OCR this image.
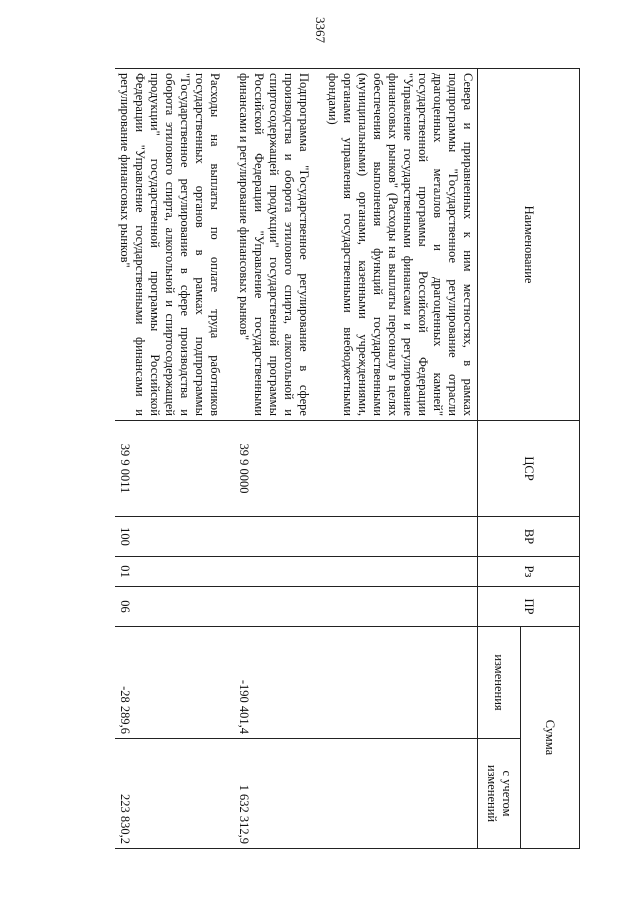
3367
Наименование	ЦСР	ВР	Рз	ПР	Сумма	
					изменения	с учетом изменений
Севера и приравненных к ним местностях, в рамках подпрограммы "Государственное регулирование отрасли драгоценных металлов и драгоценных камней" государственной программы Российской Федерации "Управление государственными финансами и регулирование финансовых рынков" (Расходы на выплаты персоналу в целях обеспечения выполнения функций государственными (муниципальными) органами, казенными учреждениями, органами управления государственными внебюджетными фондами)						

Подпрограмма "Государственное регулирование в сфере производства и оборота этилового спирта, алкогольной и спиртосодержащей продукции" государственной программы Российской Федерации "Управление государственными финансами и регулирование финансовых рынков"	39 9 0000				-190 401,4	1 632 312,9

Расходы на выплаты по оплате труда работников государственных органов в рамках подпрограммы "Государственное регулирование в сфере производства и оборота этилового спирта, алкогольной и спиртосодержащей продукции" государственной программы Российской Федерации "Управление государственными финансами и регулирование финансовых рынков"	39 9 0011	100	01	06	-28 289,6	223 830,2
